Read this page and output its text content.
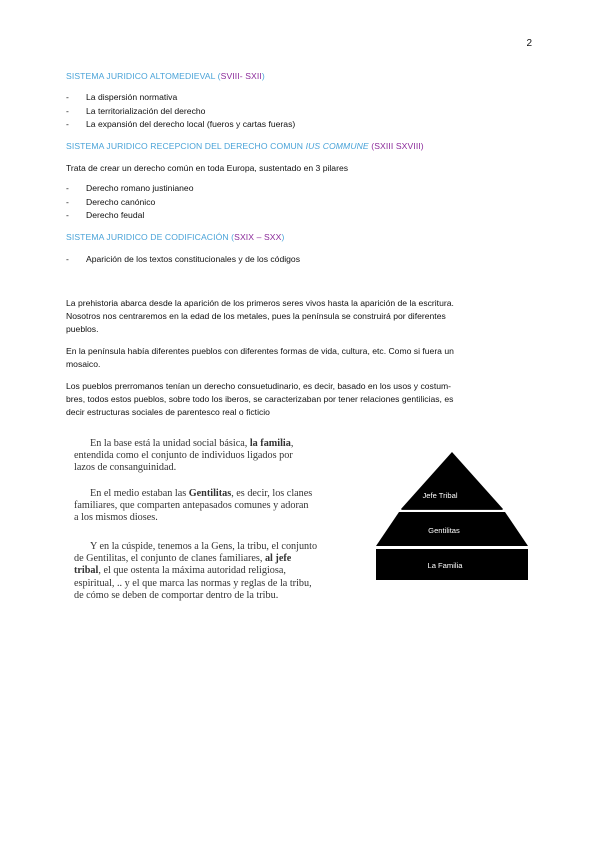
2
SISTEMA JURIDICO ALTOMEDIEVAL (SVIII- SXII)
- La dispersión normativa
- La territorialización del derecho
- La expansión del derecho local (fueros y cartas fueras)
SISTEMA JURIDICO RECEPCION DEL DERECHO COMUN IUS COMMUNE (SXIII SXVIII)
Trata de crear un derecho común en toda Europa, sustentado en 3 pilares
- Derecho romano justinianeo
- Derecho canónico
- Derecho feudal
SISTEMA JURIDICO DE CODIFICACIÓN (SXIX – SXX)
- Aparición de los textos constitucionales y de los códigos
La prehistoria abarca desde la aparición de los primeros seres vivos hasta la aparición de la escritura.
Nosotros nos centraremos en la edad de los metales, pues la península se construirá por diferentes
pueblos.
En la península había diferentes pueblos con diferentes formas de vida, cultura, etc. Como si fuera un
mosaico.
Los pueblos prerromanos tenían un derecho consuetudinario, es decir, basado en los usos y costum-
bres, todos estos pueblos, sobre todo los iberos, se caracterizaban por tener relaciones gentilicias, es
decir estructuras sociales de parentesco real o ficticio
En la base está la unidad social básica, la familia,
entendida como el conjunto de individuos ligados por
lazos de consanguinidad.
En el medio estaban las Gentilitas, es decir, los clanes
familiares, que comparten antepasados comunes y adoran
a los mismos dioses.
Y en la cúspide, tenemos a la Gens, la tribu, el conjunto
de Gentilitas, el conjunto de clanes familiares, al jefe
tribal, el que ostenta la máxima autoridad religiosa,
espiritual, .. y el que marca las normas y reglas de la tribu,
de cómo se deben de comportar dentro de la tribu.
Jefe Tribal
Gentilitas
La Familia
